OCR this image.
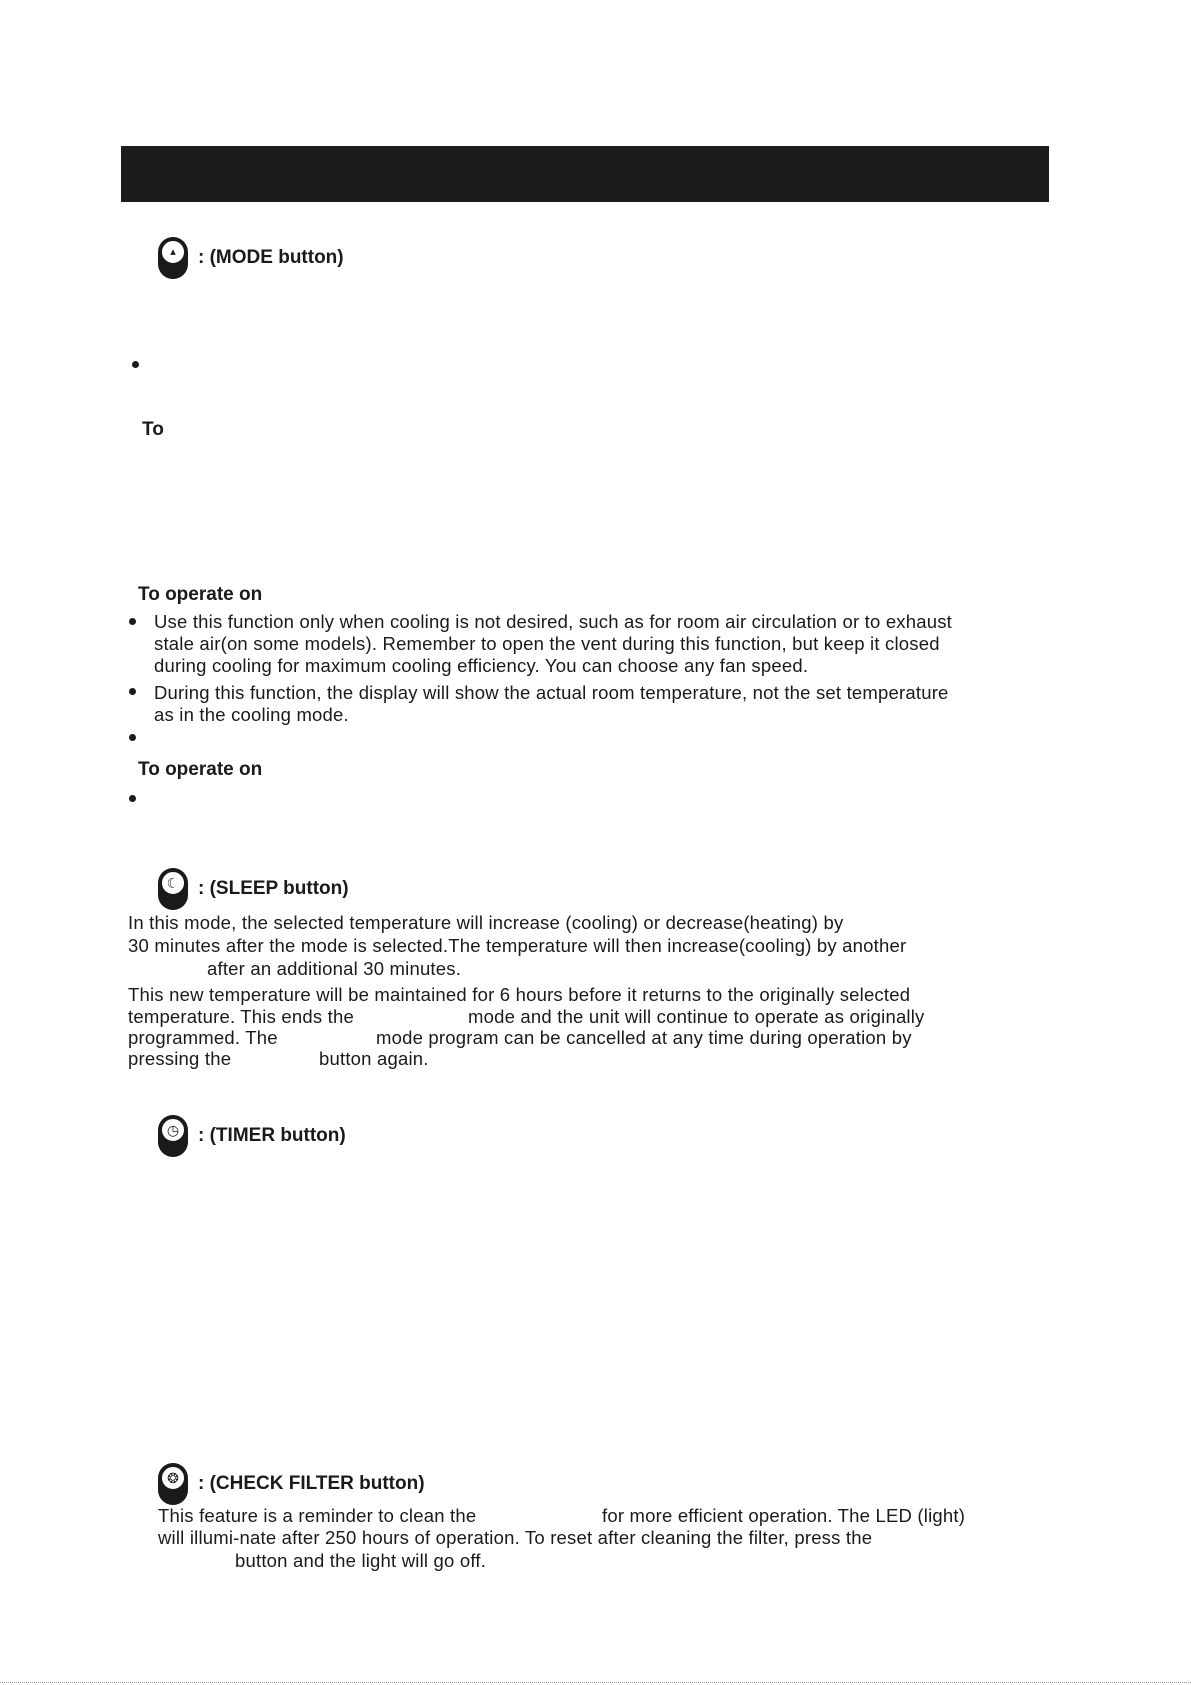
▴	: (MODE button)
To
To operate on
Use this function only when cooling is not desired, such as for room air circulation or to exhaust
stale air(on some models). Remember to open the vent during this function, but keep it closed
during cooling for maximum cooling efficiency. You can choose any fan speed.
During this function, the display will show the actual room temperature, not the set temperature
as in the cooling mode.
To operate on
☾ : (SLEEP button)
In this mode, the selected temperature will increase (cooling) or decrease(heating) by
30 minutes after the mode is selected.The temperature will then increase(cooling) by another
after an additional 30 minutes.
This new temperature will be maintained for 6 hours before it returns to the originally selected
temperature. This ends the	mode and the unit will continue to operate as originally
programmed. The	mode program can be cancelled at any time during operation by
pressing the	button again.
◷ : (TIMER button)
❂	: (CHECK FILTER button)
This feature is a reminder to clean the	for more efficient operation. The LED (light)
will illumi-nate after 250 hours of operation. To reset after cleaning the filter, press the
button and the light will go off.
